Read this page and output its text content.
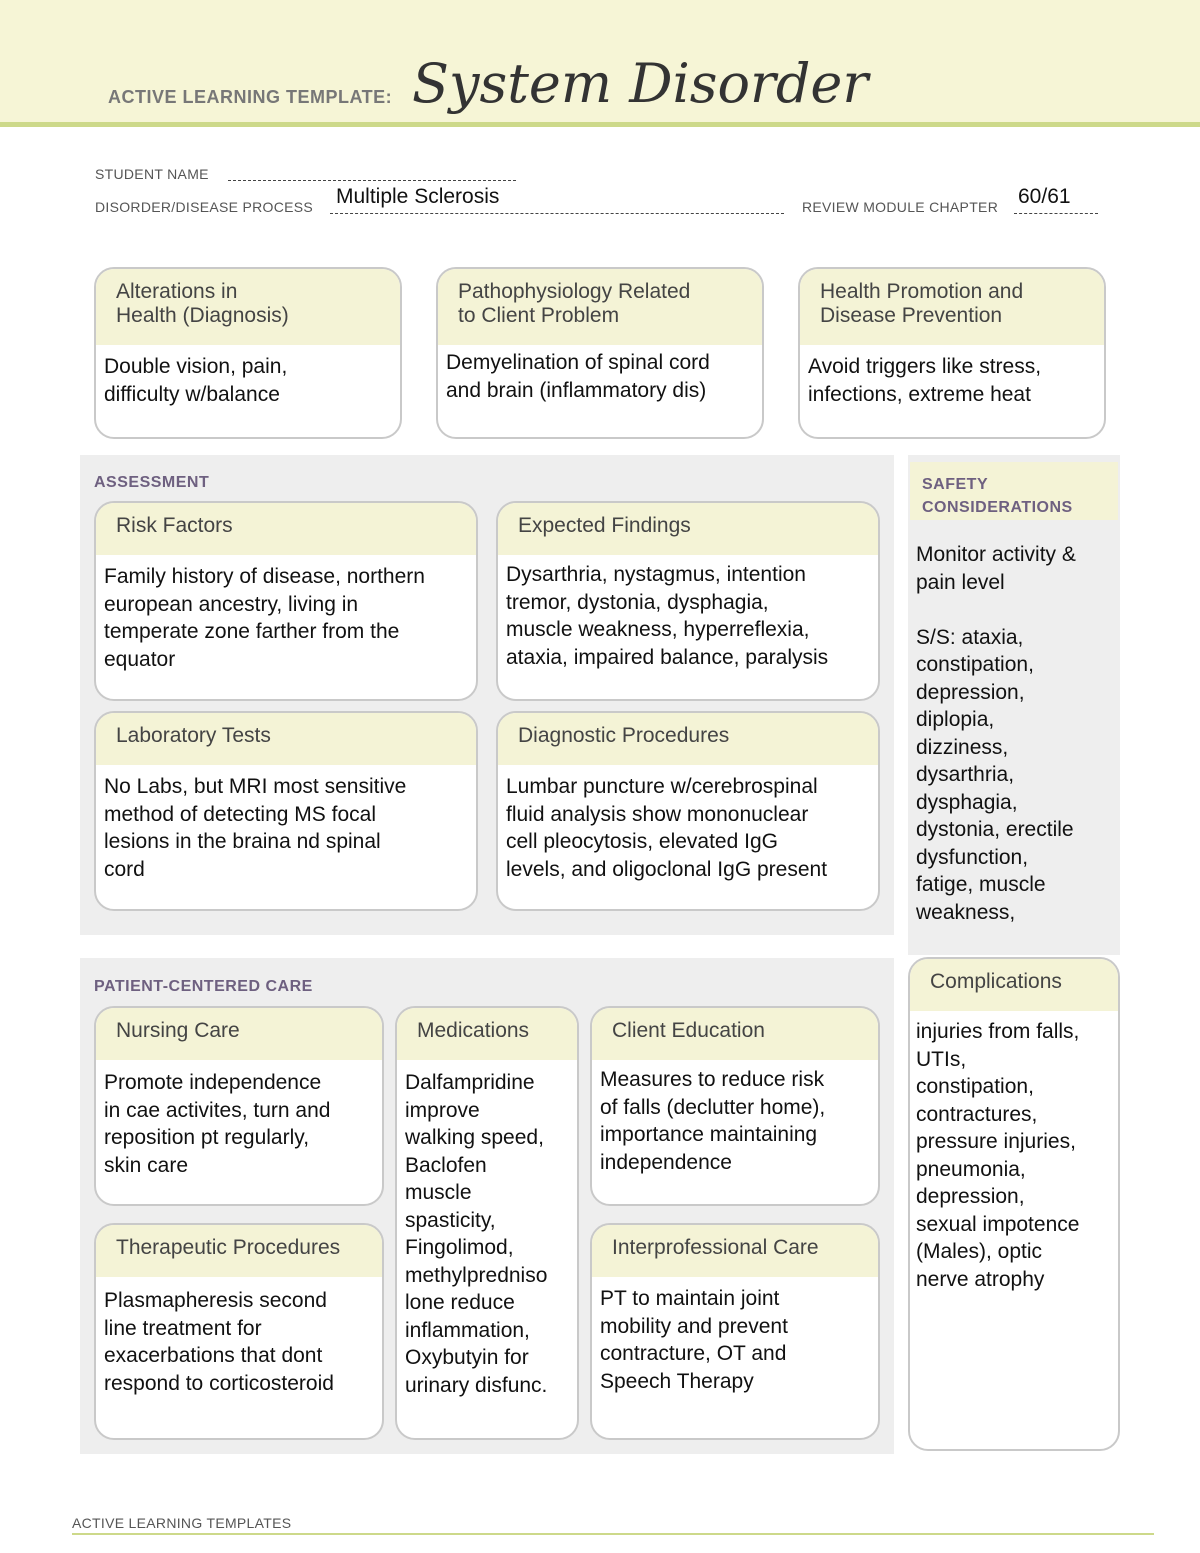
ACTIVE LEARNING TEMPLATE: System Disorder
STUDENT NAME
DISORDER/DISEASE PROCESS Multiple Sclerosis	REVIEW MODULE CHAPTER 60/61
Alterations in
Health (Diagnosis)
Double vision, pain,
difficulty w/balance
Pathophysiology Related
to Client Problem
Demyelination of spinal cord
and brain (inflammatory dis)
Health Promotion and
Disease Prevention
Avoid triggers like stress,
infections, extreme heat
ASSESSMENT
Risk Factors
Family history of disease, northern
european ancestry, living in
temperate zone farther from the
equator
Expected Findings
Dysarthria, nystagmus, intention
tremor, dystonia, dysphagia,
muscle weakness, hyperreflexia,
ataxia, impaired balance, paralysis
Laboratory Tests
No Labs, but MRI most sensitive
method of detecting MS focal
lesions in the braina nd spinal
cord
Diagnostic Procedures
Lumbar puncture w/cerebrospinal
fluid analysis show mononuclear
cell pleocytosis, elevated IgG
levels, and oligoclonal IgG present
SAFETY
CONSIDERATIONS
Monitor activity &
pain level

S/S: ataxia,
constipation,
depression,
diplopia,
dizziness,
dysarthria,
dysphagia,
dystonia, erectile
dysfunction,
fatige, muscle
weakness,
Complications
injuries from falls,
UTIs,
constipation,
contractures,
pressure injuries,
pneumonia,
depression,
sexual impotence
(Males), optic
nerve atrophy
PATIENT-CENTERED CARE
Nursing Care
Promote independence
in cae activites, turn and
reposition pt regularly,
skin care
Medications
Dalfampridine
improve
walking speed,
Baclofen
muscle
spasticity,
Fingolimod,
methylpredniso
lone reduce
inflammation,
Oxybutyin for
urinary disfunc.
Client Education
Measures to reduce risk
of falls (declutter home),
importance maintaining
independence
Therapeutic Procedures
Plasmapheresis second
line treatment for
exacerbations that dont
respond to corticosteroid
Interprofessional Care
PT to maintain joint
mobility and prevent
contracture, OT and
Speech Therapy
ACTIVE LEARNING TEMPLATES
